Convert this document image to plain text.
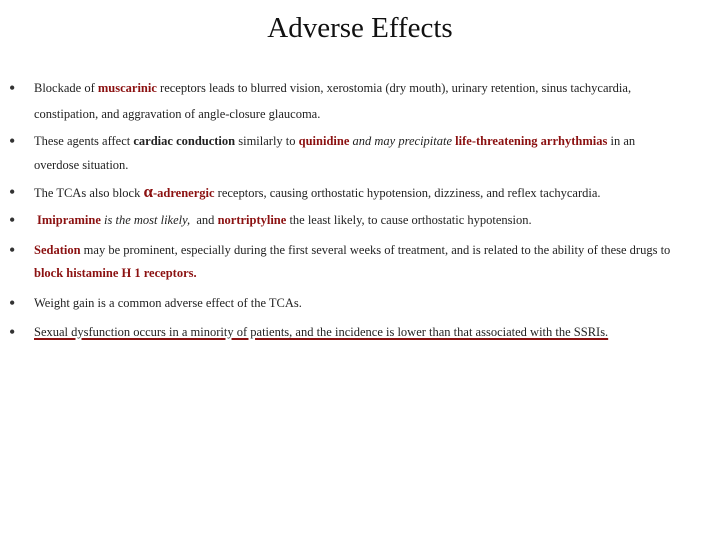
Adverse Effects
• Blockade of muscarinic receptors leads to blurred vision, xerostomia (dry mouth), urinary retention, sinus tachycardia,
constipation, and aggravation of angle-closure glaucoma.
• These agents affect cardiac conduction similarly to quinidine and may precipitate life-threatening arrhythmias in an
overdose situation.
• The TCAs also block α-adrenergic receptors, causing orthostatic hypotension, dizziness, and reflex tachycardia.
• Imipramine is the most likely,  and nortriptyline the least likely, to cause orthostatic hypotension.
• Sedation may be prominent, especially during the first several weeks of treatment, and is related to the ability of these drugs to
block histamine H 1 receptors.
• Weight gain is a common adverse effect of the TCAs.
• Sexual dysfunction occurs in a minority of patients, and the incidence is lower than that associated with the SSRIs.
